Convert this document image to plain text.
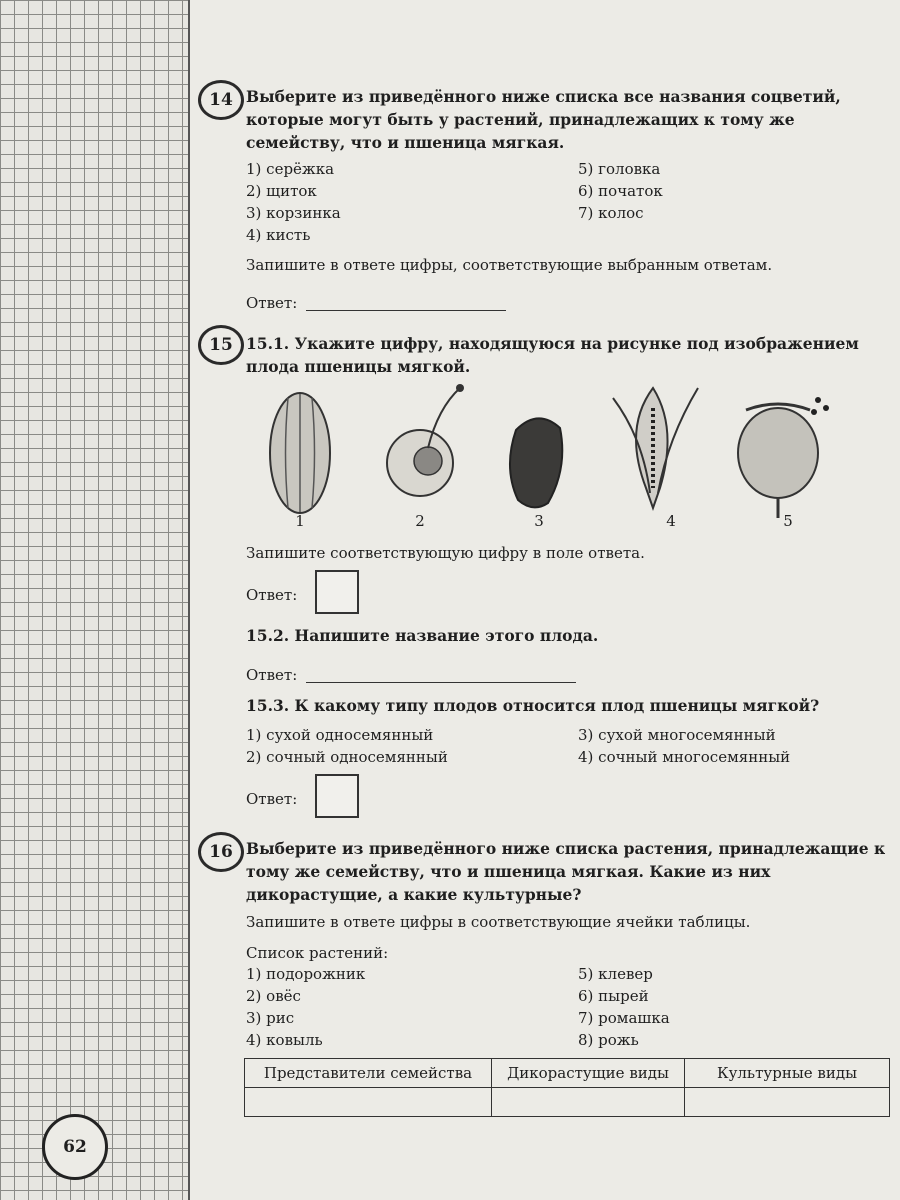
14 Выберите из приведённого ниже списка все названия соцветий, которые могут быть у растений, принадлежащих к тому же семейству, что и пшеница мягкая.
1) серёжка
2) щиток
3) корзинка
4) кисть
5) головка
6) початок
7) колос
Запишите в ответе цифры, соответствующие выбранным ответам.
Ответ:
15 15.1. Укажите цифру, находящуюся на рисунке под изображением плода пшеницы мягкой.
1	2	3	4	5
Запишите соответствующую цифру в поле ответа.
Ответ:
15.2. Напишите название этого плода.
Ответ:
15.3. К какому типу плодов относится плод пшеницы мягкой?
1) сухой односемянный
2) сочный односемянный
3) сухой многосемянный
4) сочный многосемянный
Ответ:
16 Выберите из приведённого ниже списка растения, принадлежащие к тому же семейству, что и пшеница мягкая. Какие из них дикорастущие, а какие культурные?
Запишите в ответе цифры в соответствующие ячейки таблицы.
Список растений:
1) подорожник
2) овёс
3) рис
4) ковыль
5) клевер
6) пырей
7) ромашка
8) рожь
Представители семейства	Дикорастущие виды	Культурные виды

62
